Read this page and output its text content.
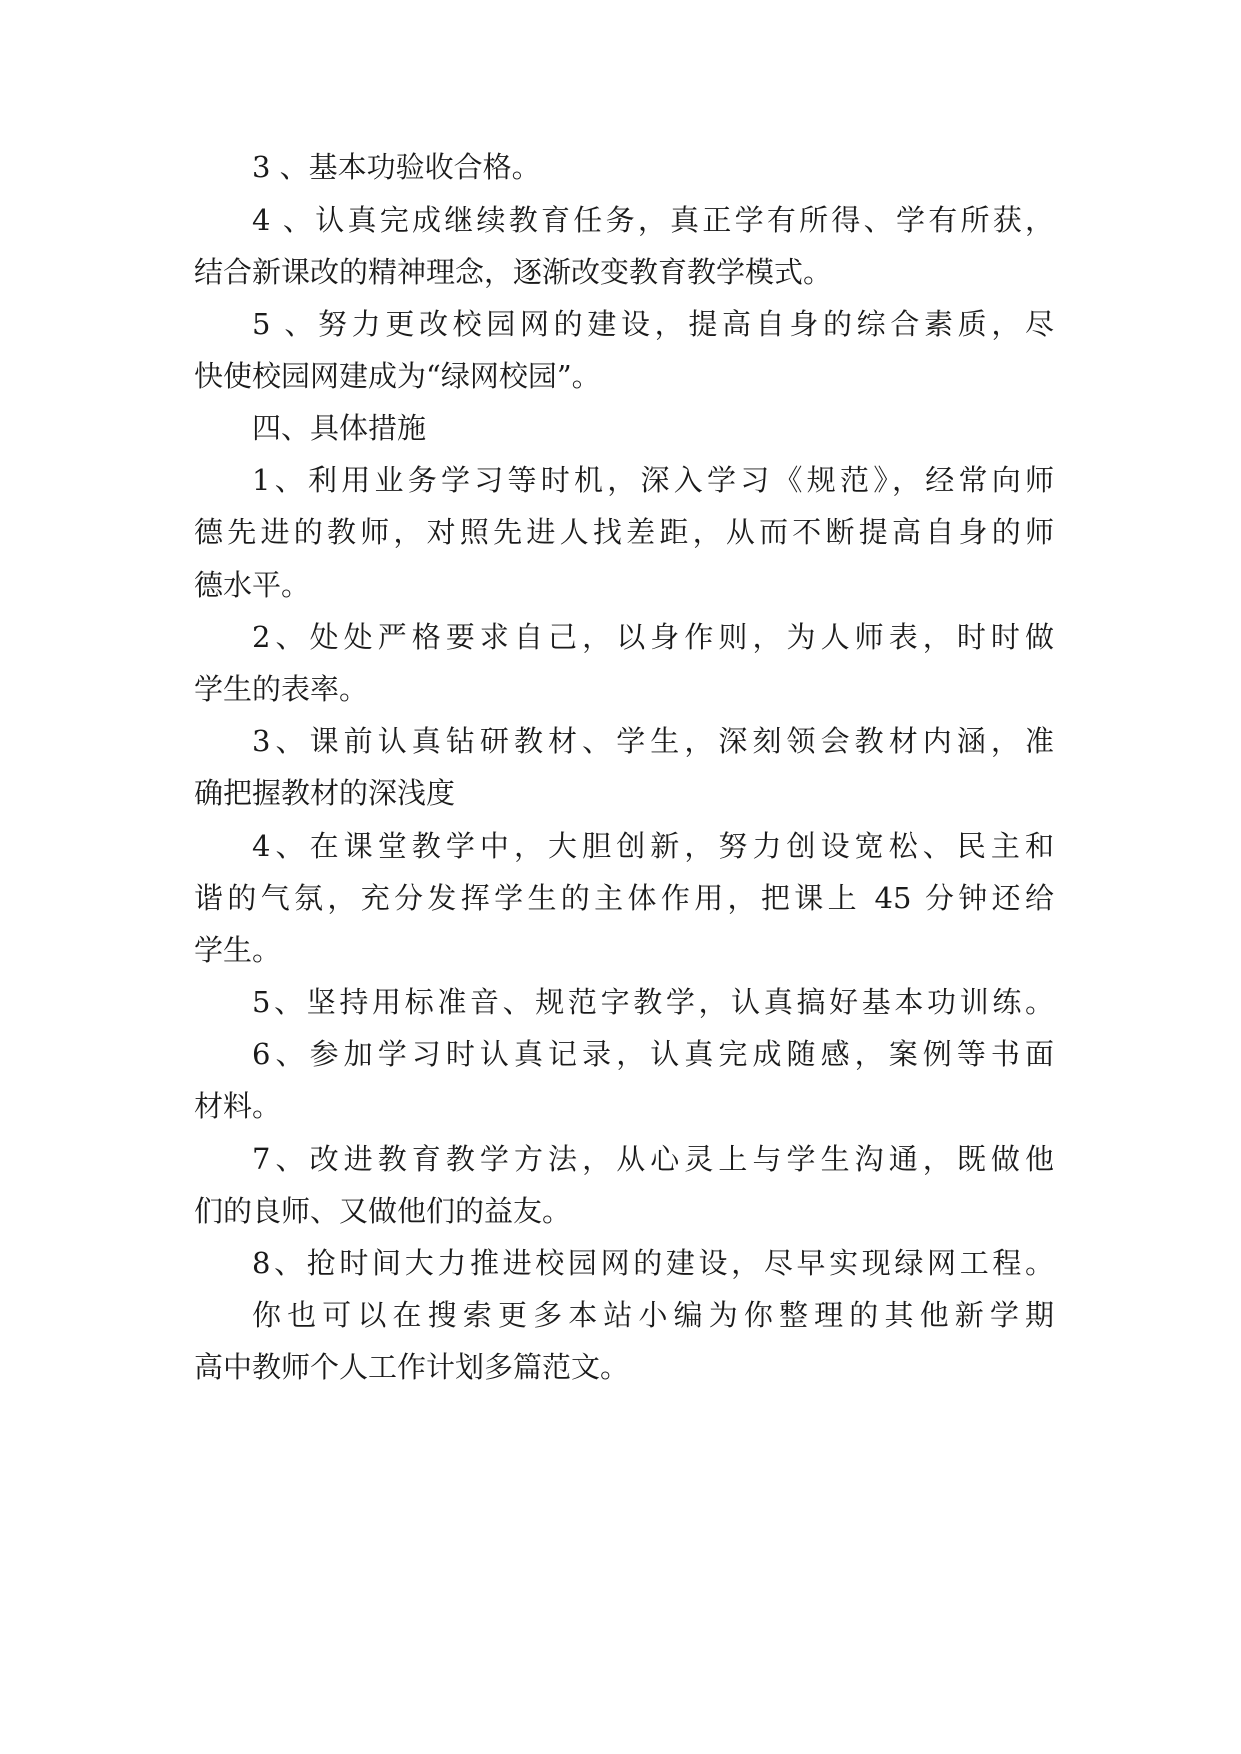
3 、基本功验收合格。
4 、认真完成继续教育任务，真正学有所得、学有所获，
结合新课改的精神理念，逐渐改变教育教学模式。
5 、努力更改校园网的建设，提高自身的综合素质，尽
快使校园网建成为“绿网校园”。
四、具体措施
1、利用业务学习等时机，深入学习《规范》，经常向师
德先进的教师，对照先进人找差距，从而不断提高自身的师
德水平。
2、处处严格要求自己，以身作则，为人师表，时时做
学生的表率。
3、课前认真钻研教材、学生，深刻领会教材内涵，准
确把握教材的深浅度
4、在课堂教学中，大胆创新，努力创设宽松、民主和
谐的气氛，充分发挥学生的主体作用，把课上 45 分钟还给
学生。
5、坚持用标准音、规范字教学，认真搞好基本功训练。
6、参加学习时认真记录，认真完成随感，案例等书面
材料。
7、改进教育教学方法，从心灵上与学生沟通，既做他
们的良师、又做他们的益友。
8、抢时间大力推进校园网的建设，尽早实现绿网工程。
你也可以在搜索更多本站小编为你整理的其他新学期
高中教师个人工作计划多篇范文。
